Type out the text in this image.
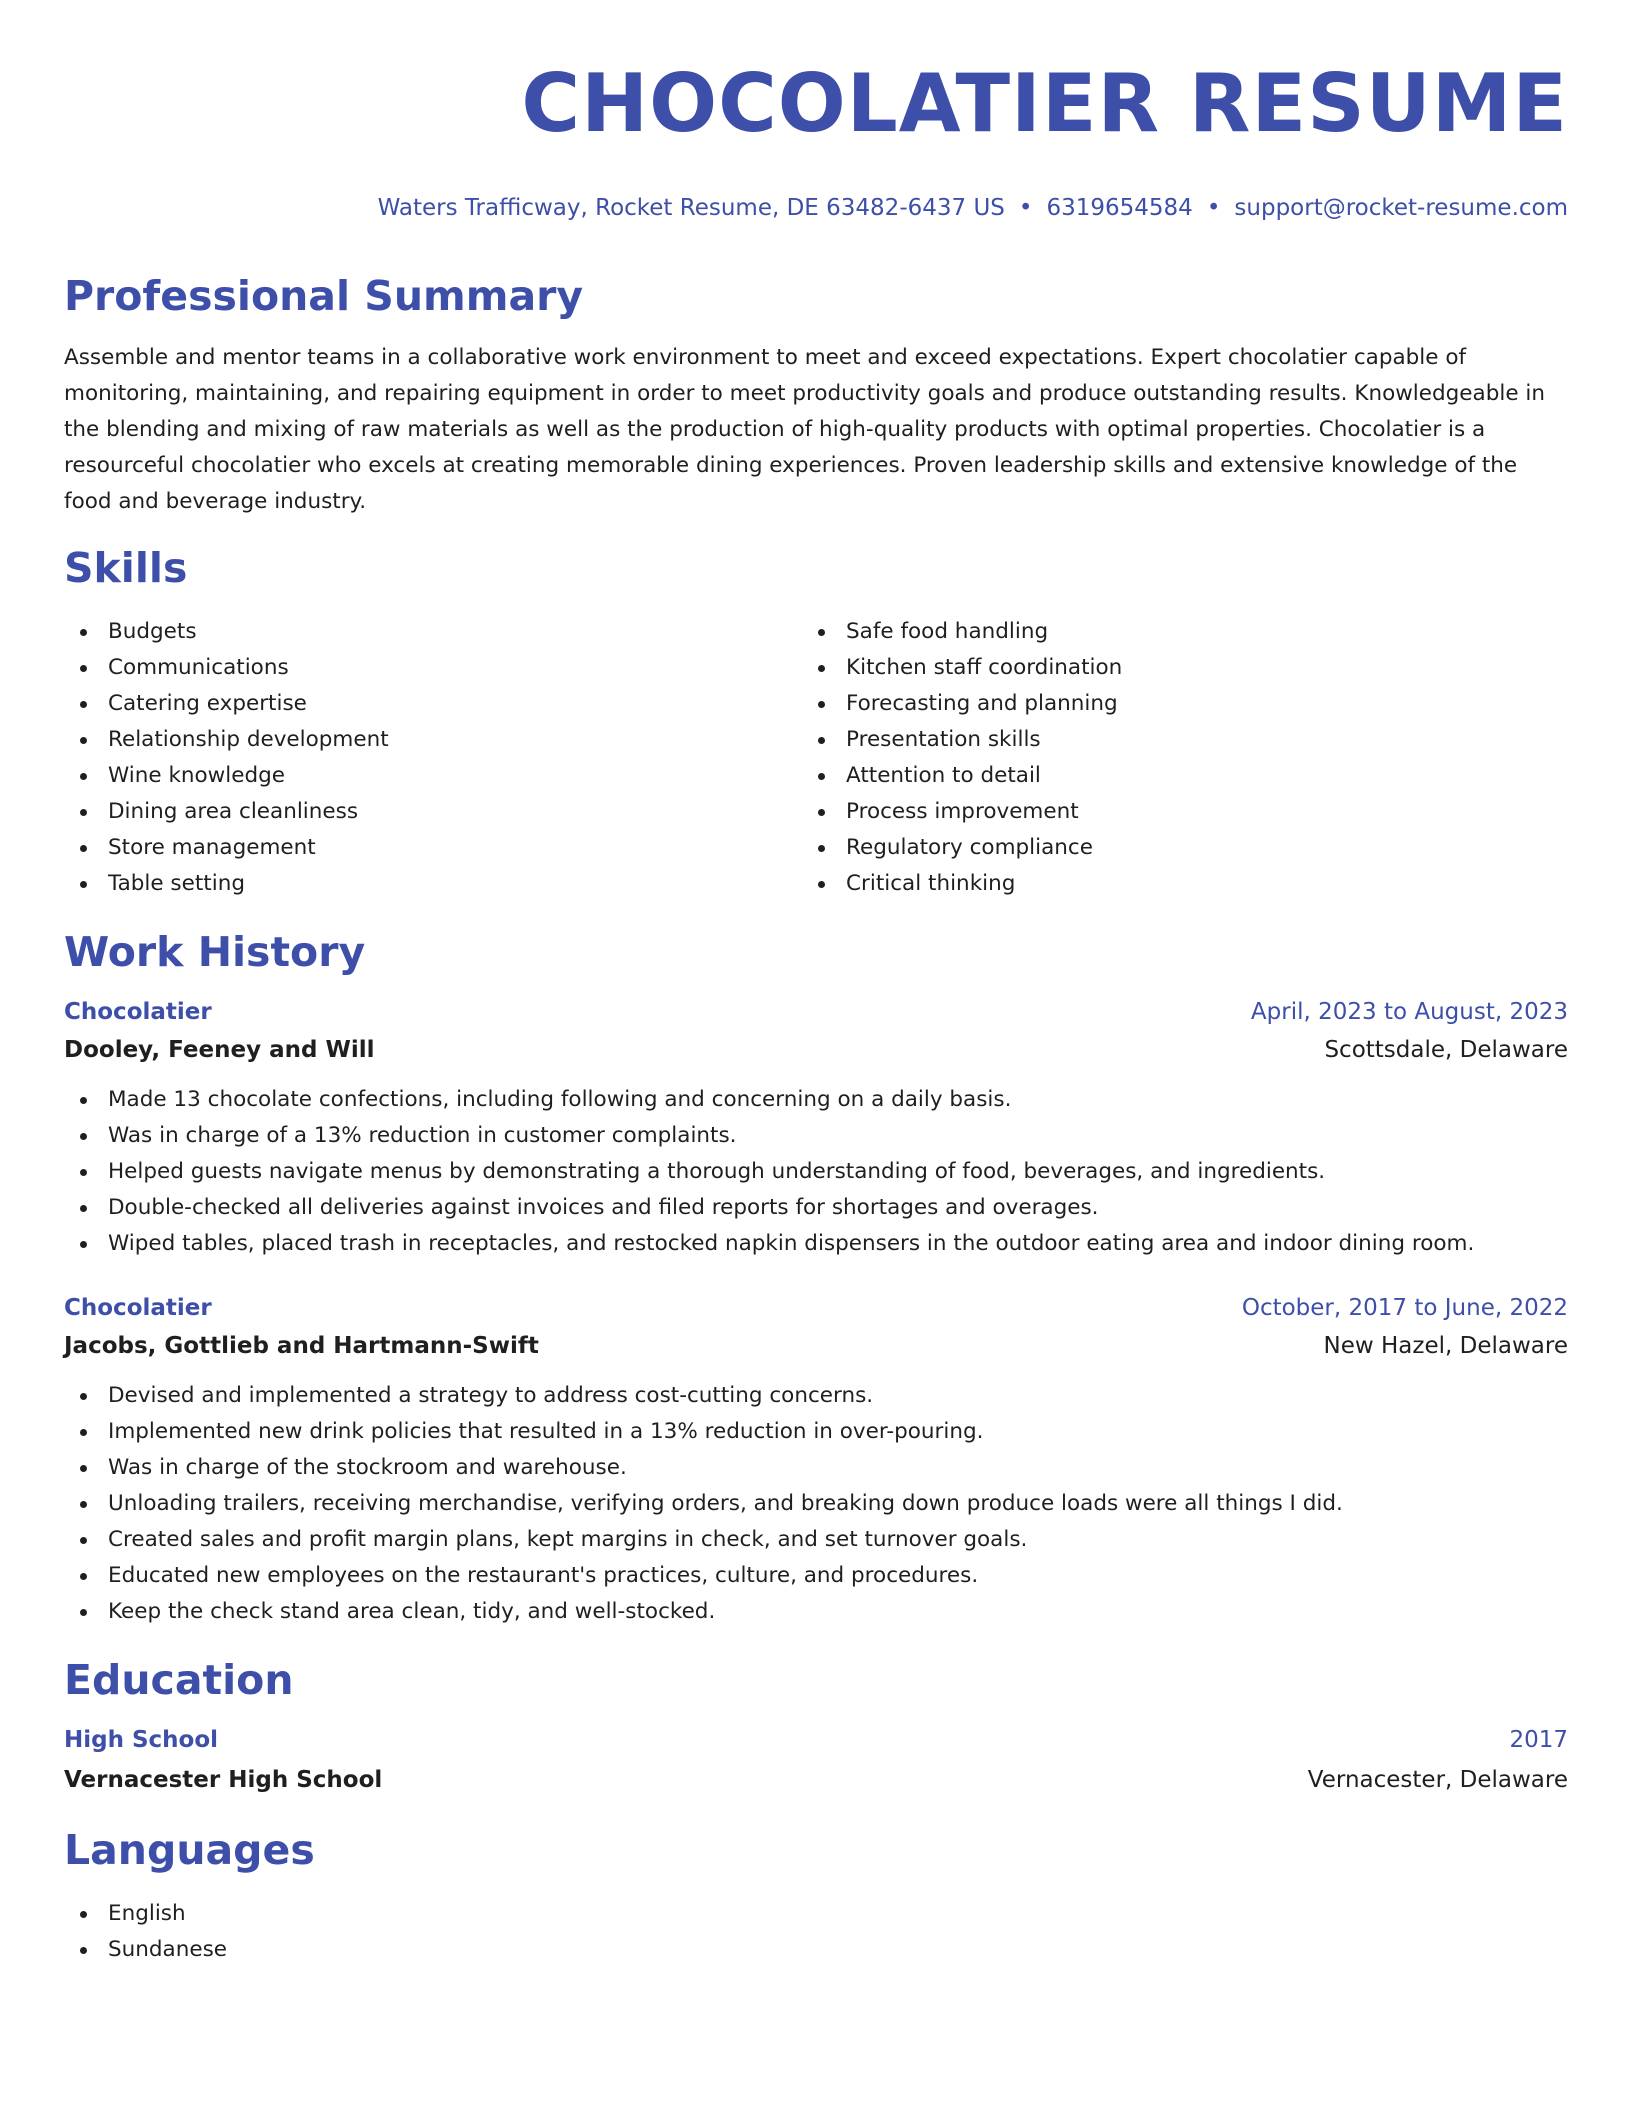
CHOCOLATIER RESUME
Waters Trafficway, Rocket Resume, DE 63482-6437 US • 6319654584 • support@rocket-resume.com
Professional Summary
Assemble and mentor teams in a collaborative work environment to meet and exceed expectations. Expert chocolatier capable of monitoring, maintaining, and repairing equipment in order to meet productivity goals and produce outstanding results. Knowledgeable in the blending and mixing of raw materials as well as the production of high-quality products with optimal properties. Chocolatier is a resourceful chocolatier who excels at creating memorable dining experiences. Proven leadership skills and extensive knowledge of the food and beverage industry.
Skills
Budgets
Communications
Catering expertise
Relationship development
Wine knowledge
Dining area cleanliness
Store management
Table setting
Safe food handling
Kitchen staff coordination
Forecasting and planning
Presentation skills
Attention to detail
Process improvement
Regulatory compliance
Critical thinking
Work History
Chocolatier	April, 2023 to August, 2023
Dooley, Feeney and Will	Scottsdale, Delaware
Made 13 chocolate confections, including following and concerning on a daily basis.
Was in charge of a 13% reduction in customer complaints.
Helped guests navigate menus by demonstrating a thorough understanding of food, beverages, and ingredients.
Double-checked all deliveries against invoices and filed reports for shortages and overages.
Wiped tables, placed trash in receptacles, and restocked napkin dispensers in the outdoor eating area and indoor dining room.
Chocolatier	October, 2017 to June, 2022
Jacobs, Gottlieb and Hartmann-Swift	New Hazel, Delaware
Devised and implemented a strategy to address cost-cutting concerns.
Implemented new drink policies that resulted in a 13% reduction in over-pouring.
Was in charge of the stockroom and warehouse.
Unloading trailers, receiving merchandise, verifying orders, and breaking down produce loads were all things I did.
Created sales and profit margin plans, kept margins in check, and set turnover goals.
Educated new employees on the restaurant's practices, culture, and procedures.
Keep the check stand area clean, tidy, and well-stocked.
Education
High School	2017
Vernacester High School	Vernacester, Delaware
Languages
English
Sundanese
